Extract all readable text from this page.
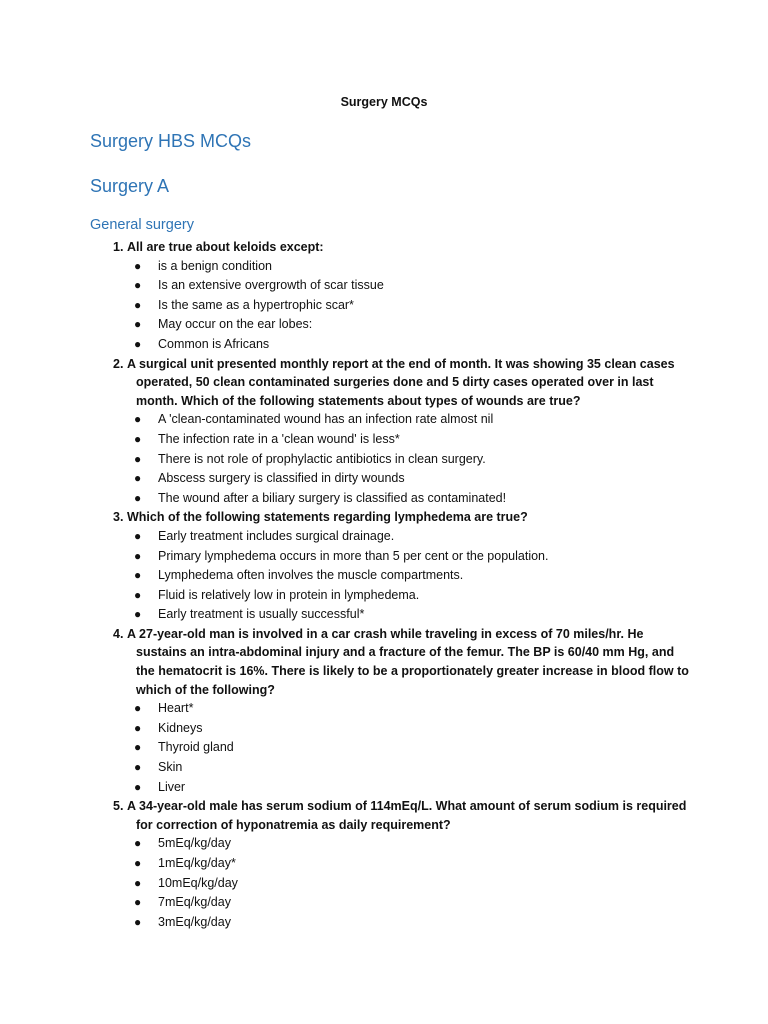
Surgery MCQs
Surgery HBS MCQs
Surgery A
General surgery
1. All are true about keloids except:
● is a benign condition
● Is an extensive overgrowth of scar tissue
● Is the same as a hypertrophic scar*
● May occur on the ear lobes:
● Common is Africans
2. A surgical unit presented monthly report at the end of month. It was showing 35 clean cases operated, 50 clean contaminated surgeries done and 5 dirty cases operated over in last month. Which of the following statements about types of wounds are true?
● A 'clean-contaminated wound has an infection rate almost nil
● The infection rate in a 'clean wound' is less*
● There is not role of prophylactic antibiotics in clean surgery.
● Abscess surgery is classified in dirty wounds
● The wound after a biliary surgery is classified as contaminated!
3. Which of the following statements regarding lymphedema are true?
● Early treatment includes surgical drainage.
● Primary lymphedema occurs in more than 5 per cent or the population.
● Lymphedema often involves the muscle compartments.
● Fluid is relatively low in protein in lymphedema.
● Early treatment is usually successful*
4. A 27-year-old man is involved in a car crash while traveling in excess of 70 miles/hr. He sustains an intra-abdominal injury and a fracture of the femur. The BP is 60/40 mm Hg, and the hematocrit is 16%. There is likely to be a proportionately greater increase in blood flow to which of the following?
● Heart*
● Kidneys
● Thyroid gland
● Skin
● Liver
5. A 34-year-old male has serum sodium of 114mEq/L. What amount of serum sodium is required for correction of hyponatremia as daily requirement?
● 5mEq/kg/day
● 1mEq/kg/day*
● 10mEq/kg/day
● 7mEq/kg/day
● 3mEq/kg/day
